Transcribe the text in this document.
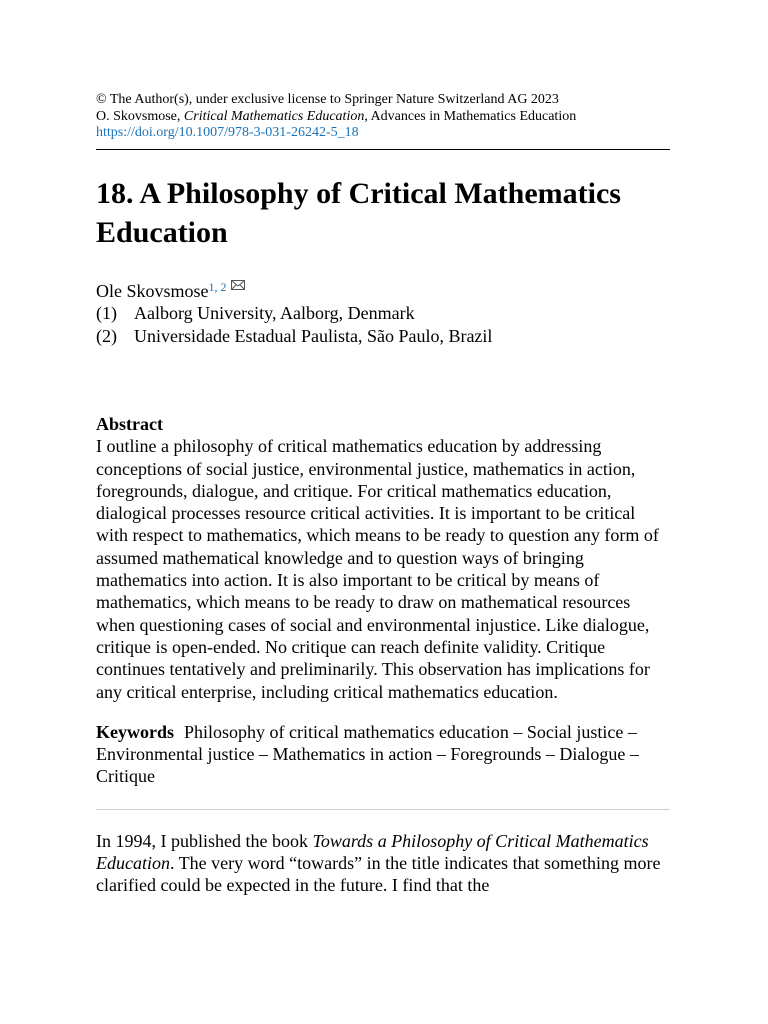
© The Author(s), under exclusive license to Springer Nature Switzerland AG 2023
O. Skovsmose, Critical Mathematics Education, Advances in Mathematics Education
https://doi.org/10.1007/978-3-031-26242-5_18
18. A Philosophy of Critical Mathematics Education
Ole Skovsmose$^{1, 2}$
(1) Aalborg University, Aalborg, Denmark
(2) Universidade Estadual Paulista, São Paulo, Brazil
Abstract
I outline a philosophy of critical mathematics education by addressing conceptions of social justice, environmental justice, mathematics in action, foregrounds, dialogue, and critique. For critical mathematics education, dialogical processes resource critical activities. It is important to be critical with respect to mathematics, which means to be ready to question any form of assumed mathematical knowledge and to question ways of bringing mathematics into action. It is also important to be critical by means of mathematics, which means to be ready to draw on mathematical resources when questioning cases of social and environmental injustice. Like dialogue, critique is open-ended. No critique can reach definite validity. Critique continues tentatively and preliminarily. This observation has implications for any critical enterprise, including critical mathematics education.
Keywords Philosophy of critical mathematics education – Social justice – Environmental justice – Mathematics in action – Foregrounds – Dialogue – Critique
In 1994, I published the book Towards a Philosophy of Critical Mathematics Education. The very word “towards” in the title indicates that something more clarified could be expected in the future. I find that the
